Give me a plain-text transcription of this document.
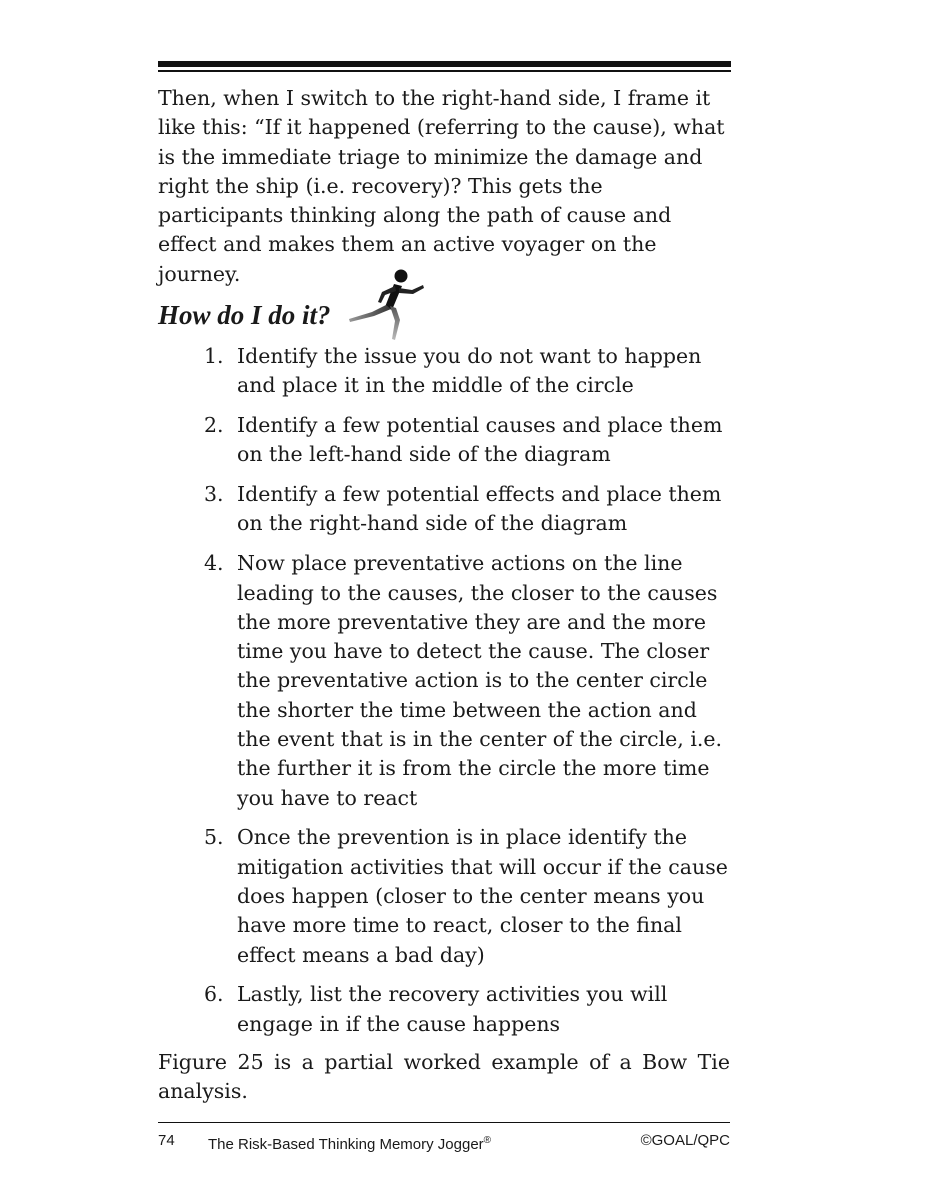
Then, when I switch to the right-hand side, I frame it like this: “If it happened (referring to the cause), what is the immediate triage to minimize the damage and right the ship (i.e. recovery)? This gets the participants thinking along the path of cause and effect and makes them an active voyager on the journey.

How do I do it?
1. Identify the issue you do not want to happen and place it in the middle of the circle
2. Identify a few potential causes and place them on the left-hand side of the diagram
3. Identify a few potential effects and place them on the right-hand side of the diagram
4. Now place preventative actions on the line leading to the causes, the closer to the causes the more preventative they are and the more time you have to detect the cause. The closer the preventative action is to the center circle the shorter the time between the action and the event that is in the center of the circle, i.e. the further it is from the circle the more time you have to react
5. Once the prevention is in place identify the mitigation activities that will occur if the cause does happen (closer to the center means you have more time to react, closer to the final effect means a bad day)
6. Lastly, list the recovery activities you will engage in if the cause happens

Figure 25 is a partial worked example of a Bow Tie analysis.

74 The Risk-Based Thinking Memory Jogger®	©GOAL/QPC
